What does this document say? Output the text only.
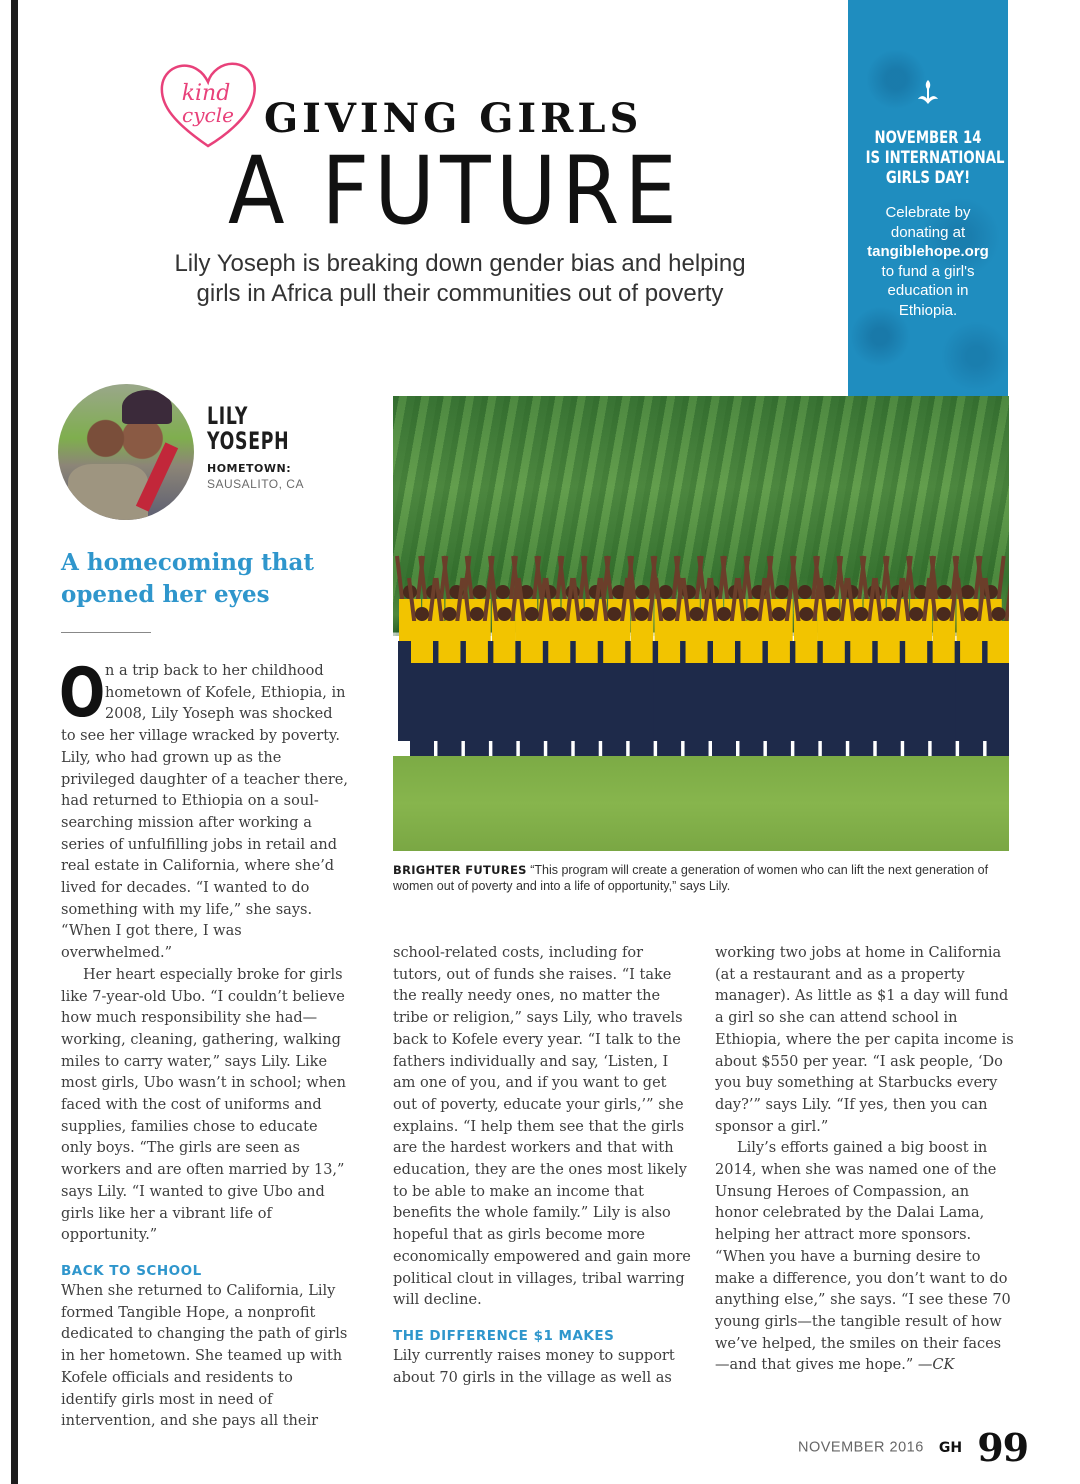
NOVEMBER 14
IS INTERNATIONAL
GIRLS DAY!
Celebrate by donating at
tangiblehope.org
to fund a girl's education in Ethiopia.
kind
cycle GIVING GIRLS
A FUTURE
Lily Yoseph is breaking down gender bias and helping
girls in Africa pull their communities out of poverty
LILY
YOSEPH
HOMETOWN:
SAUSALITO, CA
A homecoming that opened her eyes
BRIGHTER FUTURES “This program will create a generation of women who can lift the next generation of women out of poverty and into a life of opportunity,” says Lily.

On a trip back to her childhood hometown of Kofele, Ethiopia, in 2008, Lily Yoseph was shocked to see her village wracked by poverty. Lily, who had grown up as the privileged daughter of a teacher there, had returned to Ethiopia on a soul-searching mission after working a series of unfulfilling jobs in retail and real estate in California, where she’d lived for decades. “I wanted to do something with my life,” she says. “When I got there, I was overwhelmed.”

Her heart especially broke for girls like 7-year-old Ubo. “I couldn’t believe how much responsibility she had—working, cleaning, gathering, walking miles to carry water,” says Lily. Like most girls, Ubo wasn’t in school; when faced with the cost of uniforms and supplies, families chose to educate only boys. “The girls are seen as workers and are often married by 13,” says Lily. “I wanted to give Ubo and girls like her a vibrant life of opportunity.”

BACK TO SCHOOL

When she returned to California, Lily formed Tangible Hope, a nonprofit dedicated to changing the path of girls in her hometown. She teamed up with Kofele officials and residents to identify girls most in need of intervention, and she pays all their

school-related costs, including for tutors, out of funds she raises. “I take the really needy ones, no matter the tribe or religion,” says Lily, who travels back to Kofele every year. “I talk to the fathers individually and say, ‘Listen, I am one of you, and if you want to get out of poverty, educate your girls,’” she explains. “I help them see that the girls are the hardest workers and that with education, they are the ones most likely to be able to make an income that benefits the whole family.” Lily is also hopeful that as girls become more economically empowered and gain more political clout in villages, tribal warring will decline.

THE DIFFERENCE $1 MAKES

Lily currently raises money to support about 70 girls in the village as well as

working two jobs at home in California (at a restaurant and as a property manager). As little as $1 a day will fund a girl so she can attend school in Ethiopia, where the per capita income is about $550 per year. “I ask people, ‘Do you buy something at Starbucks every day?’” says Lily. “If yes, then you can sponsor a girl.”

Lily’s efforts gained a big boost in 2014, when she was named one of the Unsung Heroes of Compassion, an honor celebrated by the Dalai Lama, helping her attract more sponsors. “When you have a burning desire to make a difference, you don’t want to do anything else,” she says. “I see these 70 young girls—the tangible result of how we’ve helped, the smiles on their faces—and that gives me hope.” —CK

NOVEMBER 2016 GH 99
